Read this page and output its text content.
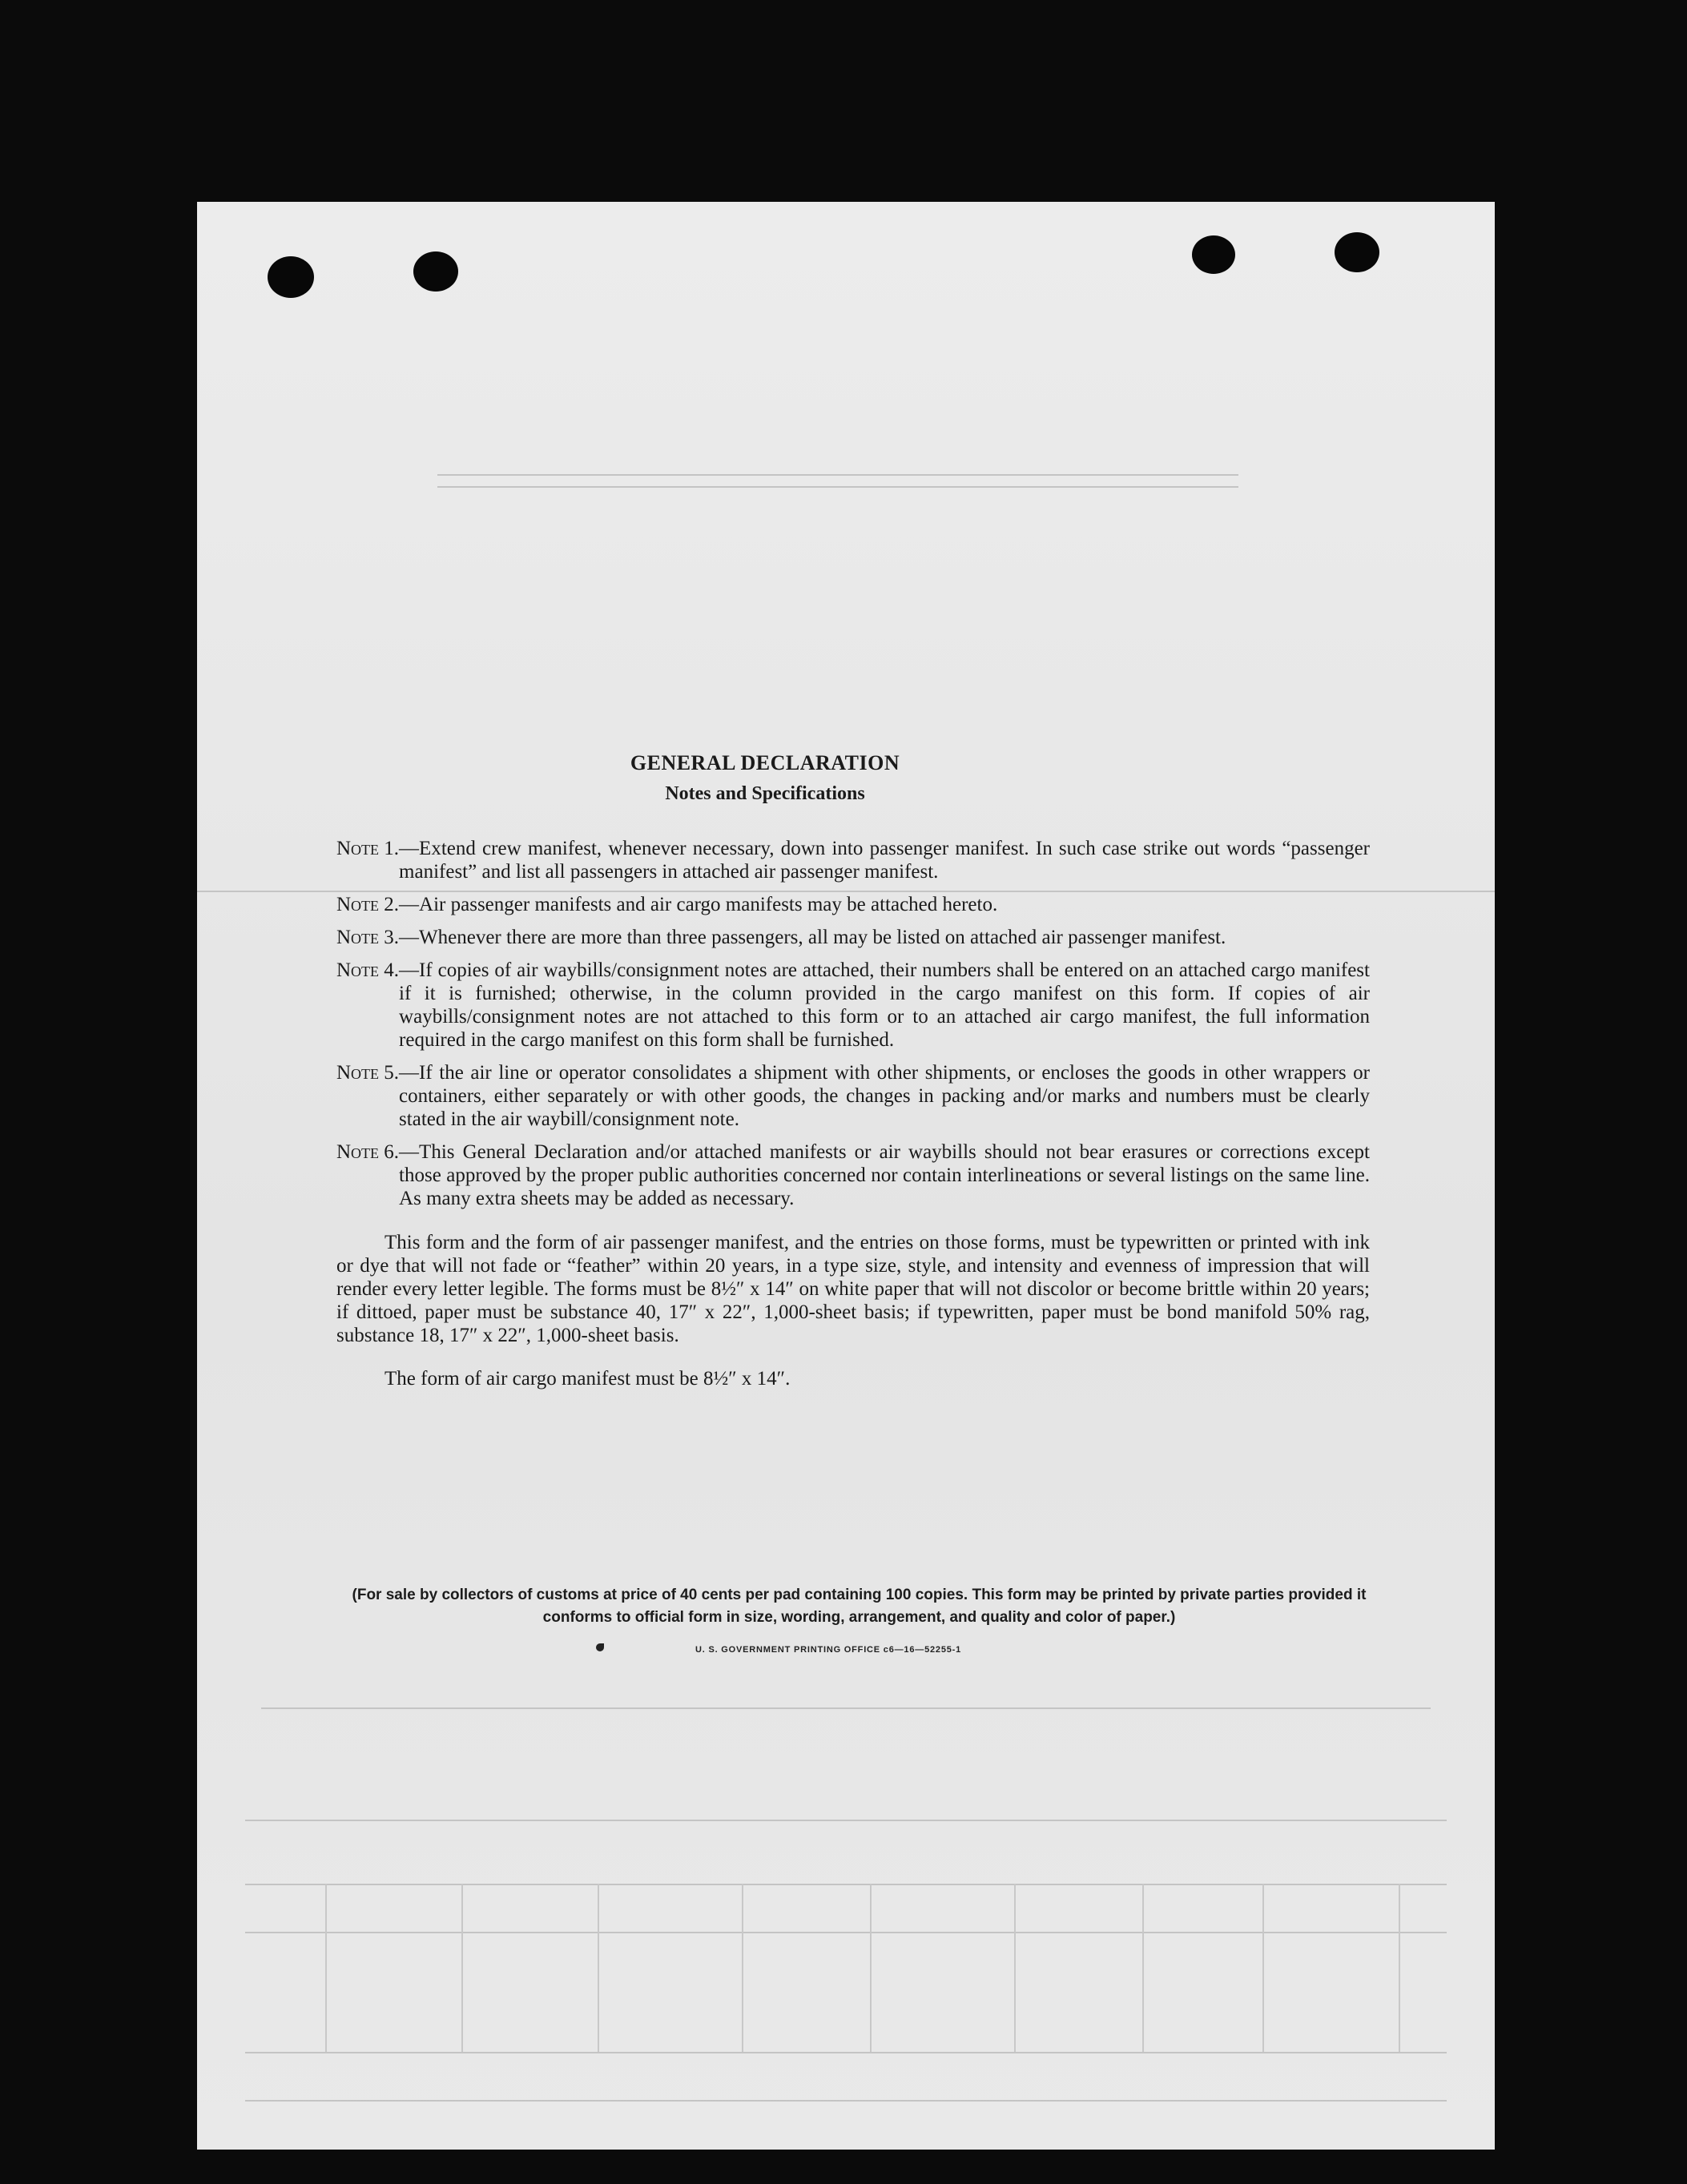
GENERAL DECLARATION
Notes and Specifications
Note 1. —Extend crew manifest, whenever necessary, down into passenger manifest. In such case strike out words “passenger manifest” and list all passengers in attached air passenger manifest.
Note 2. —Air passenger manifests and air cargo manifests may be attached hereto.
Note 3. —Whenever there are more than three passengers, all may be listed on attached air passenger manifest.
Note 4. —If copies of air waybills/consignment notes are attached, their numbers shall be entered on an attached cargo manifest if it is furnished; otherwise, in the column provided in the cargo manifest on this form. If copies of air waybills/consignment notes are not attached to this form or to an attached air cargo manifest, the full information required in the cargo manifest on this form shall be furnished.
Note 5. —If the air line or operator consolidates a shipment with other shipments, or encloses the goods in other wrappers or containers, either separately or with other goods, the changes in packing and/or marks and numbers must be clearly stated in the air waybill/consignment note.
Note 6. —This General Declaration and/or attached manifests or air waybills should not bear erasures or corrections except those approved by the proper public authorities concerned nor contain interlineations or several listings on the same line. As many extra sheets may be added as necessary.

This form and the form of air passenger manifest, and the entries on those forms, must be typewritten or printed with ink or dye that will not fade or “feather” within 20 years, in a type size, style, and intensity and evenness of impression that will render every letter legible. The forms must be 8½″ x 14″ on white paper that will not discolor or become brittle within 20 years; if dittoed, paper must be substance 40, 17″ x 22″, 1,000-sheet basis; if typewritten, paper must be bond manifold 50% rag, substance 18, 17″ x 22″, 1,000-sheet basis.

The form of air cargo manifest must be 8½″ x 14″.

(For sale by collectors of customs at price of 40 cents per pad containing 100 copies. This form may be printed by private parties provided it conforms to official form in size, wording, arrangement, and quality and color of paper.)
U. S. GOVERNMENT PRINTING OFFICE c6—16—52255-1
